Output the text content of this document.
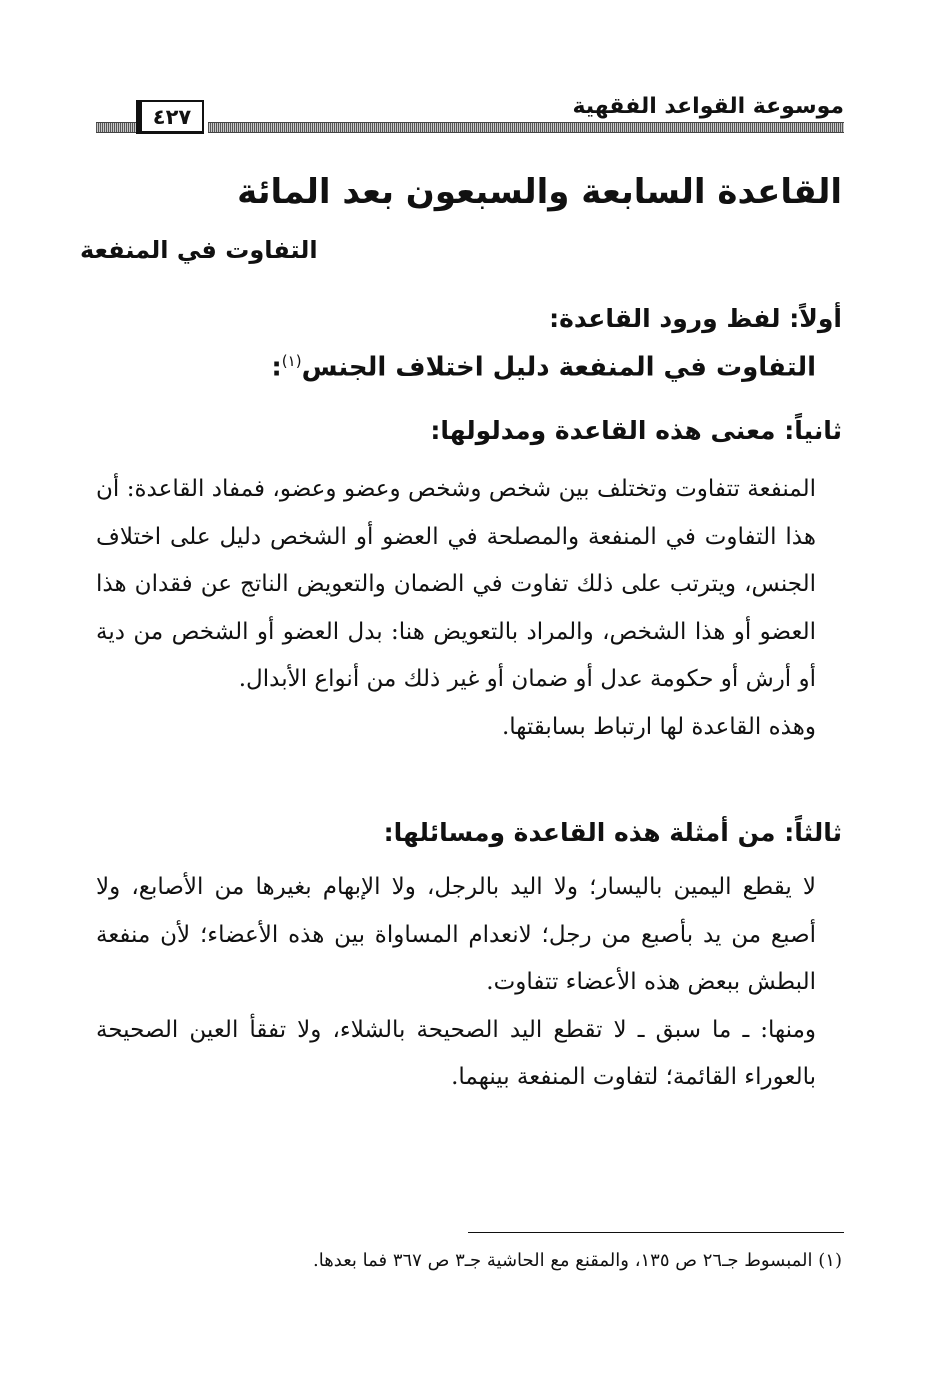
موسوعة القواعد الفقهية
٤٢٧
القاعدة السابعة والسبعون بعد المائة
التفاوت في المنفعة
أولاً: لفظ ورود القاعدة:
التفاوت في المنفعة دليل اختلاف الجنس$^{(١)}$:
ثانياً: معنى هذه القاعدة ومدلولها:

المنفعة تتفاوت وتختلف بين شخص وشخص وعضو وعضو، فمفاد القاعدة: أن هذا التفاوت في المنفعة والمصلحة في العضو أو الشخص دليل على اختلاف الجنس، ويترتب على ذلك تفاوت في الضمان والتعويض الناتج عن فقدان هذا العضو أو هذا الشخص، والمراد بالتعويض هنا: بدل العضو أو الشخص من دية أو أرش أو حكومة عدل أو ضمان أو غير ذلك من أنواع الأبدال.

وهذه القاعدة لها ارتباط بسابقتها.

ثالثاً: من أمثلة هذه القاعدة ومسائلها:

لا يقطع اليمين باليسار؛ ولا اليد بالرجل، ولا الإبهام بغيرها من الأصابع، ولا أصبع من يد بأصبع من رجل؛ لانعدام المساواة بين هذه الأعضاء؛ لأن منفعة البطش ببعض هذه الأعضاء تتفاوت.

ومنها: ـ ما سبق ـ لا تقطع اليد الصحيحة بالشلاء، ولا تفقأ العين الصحيحة بالعوراء القائمة؛ لتفاوت المنفعة بينهما.

(١) المبسوط جـ٢٦ ص ١٣٥، والمقنع مع الحاشية جـ٣ ص ٣٦٧ فما بعدها.
